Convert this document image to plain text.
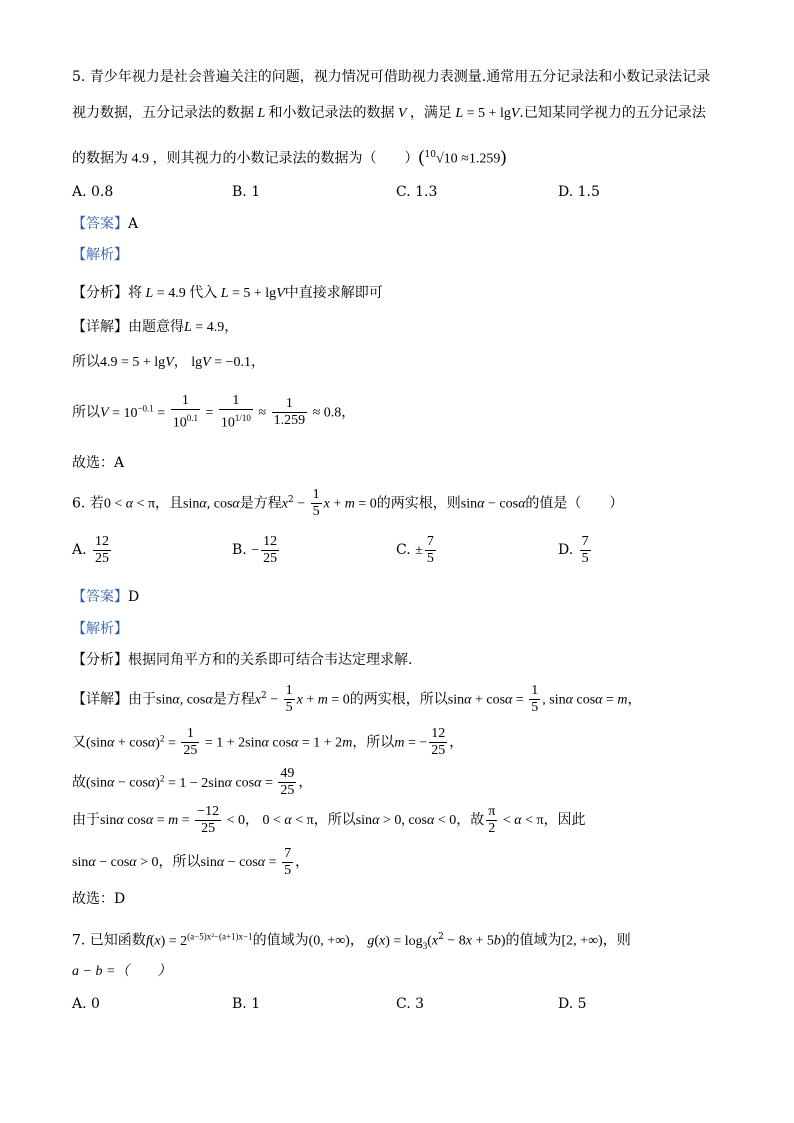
5. 青少年视力是社会普遍关注的问题，视力情况可借助视力表测量.通常用五分记录法和小数记录法记录
视力数据，五分记录法的数据 L 和小数记录法的数据 V ，满足 L = 5 + lgV.已知某同学视力的五分记录法
的数据为 4.9 ，则其视力的小数记录法的数据为（　　）($^{10}$√10 ≈1.259)
A. 0.8	B. 1	C. 1.3	D. 1.5
【答案】A
【解析】
【分析】将 L = 4.9 代入 L = 5 + lgV中直接求解即可
【详解】由题意得L = 4.9，
所以4.9 = 5 + lgV， lgV = −0.1，
所以$V = 10^{-0.1} = \frac{1}{10^{0.1}} = \frac{1}{10^{1/10}} \approx \frac{1}{1.259} \approx 0.8$，
故选：A
6. 若0 < α < π，且sinα, cosα是方程$x^2 - \frac{1}{5}$ x + m = 0的两实根，则sinα − cosα的值是（　　）
A. $\frac{12}{25}$	B. − $\frac{12}{25}$	C. ± $\frac{7}{5}$	D. $\frac{7}{5}$
【答案】D
【解析】
【分析】根据同角平方和的关系即可结合韦达定理求解.
【详解】由于sinα, cosα是方程$x^2 - \frac{1}{5}$ x + m = 0的两实根，所以$\sin\alpha + \cos\alpha = \frac{1}{5}$ , sinα cosα = m，
又$(\sin\alpha + \cos\alpha)^2 = \frac{1}{25} = 1 + 2\sin\alpha$ cosα = 1 + 2m，所以m = − $\frac{12}{25}$ ，
故$(\sin\alpha - \cos\alpha)^2 = 1 - 2\sin\alpha$ $\cos\alpha = \frac{49}{25}$ ，
由于sinα $\cos\alpha = m = \frac{-12}{25} < 0$， 0 < α < π，所以sinα > 0, cosα < 0，故 $\frac{\pi}{2} < \alpha < \pi$，因此
sinα − cosα > 0，所以$\sin\alpha - \cos\alpha = \frac{7}{5}$ ，
故选：D
7. 已知函数$f(x) = 2^{(a-5)x^2-(a+1)x-1}$的值域为(0, +∞)， $g(x) = \log_3(x^2 - 8x + 5b)$的值域为[2, +∞)，则
a − b =（　　）
A. 0	B. 1	C. 3	D. 5
